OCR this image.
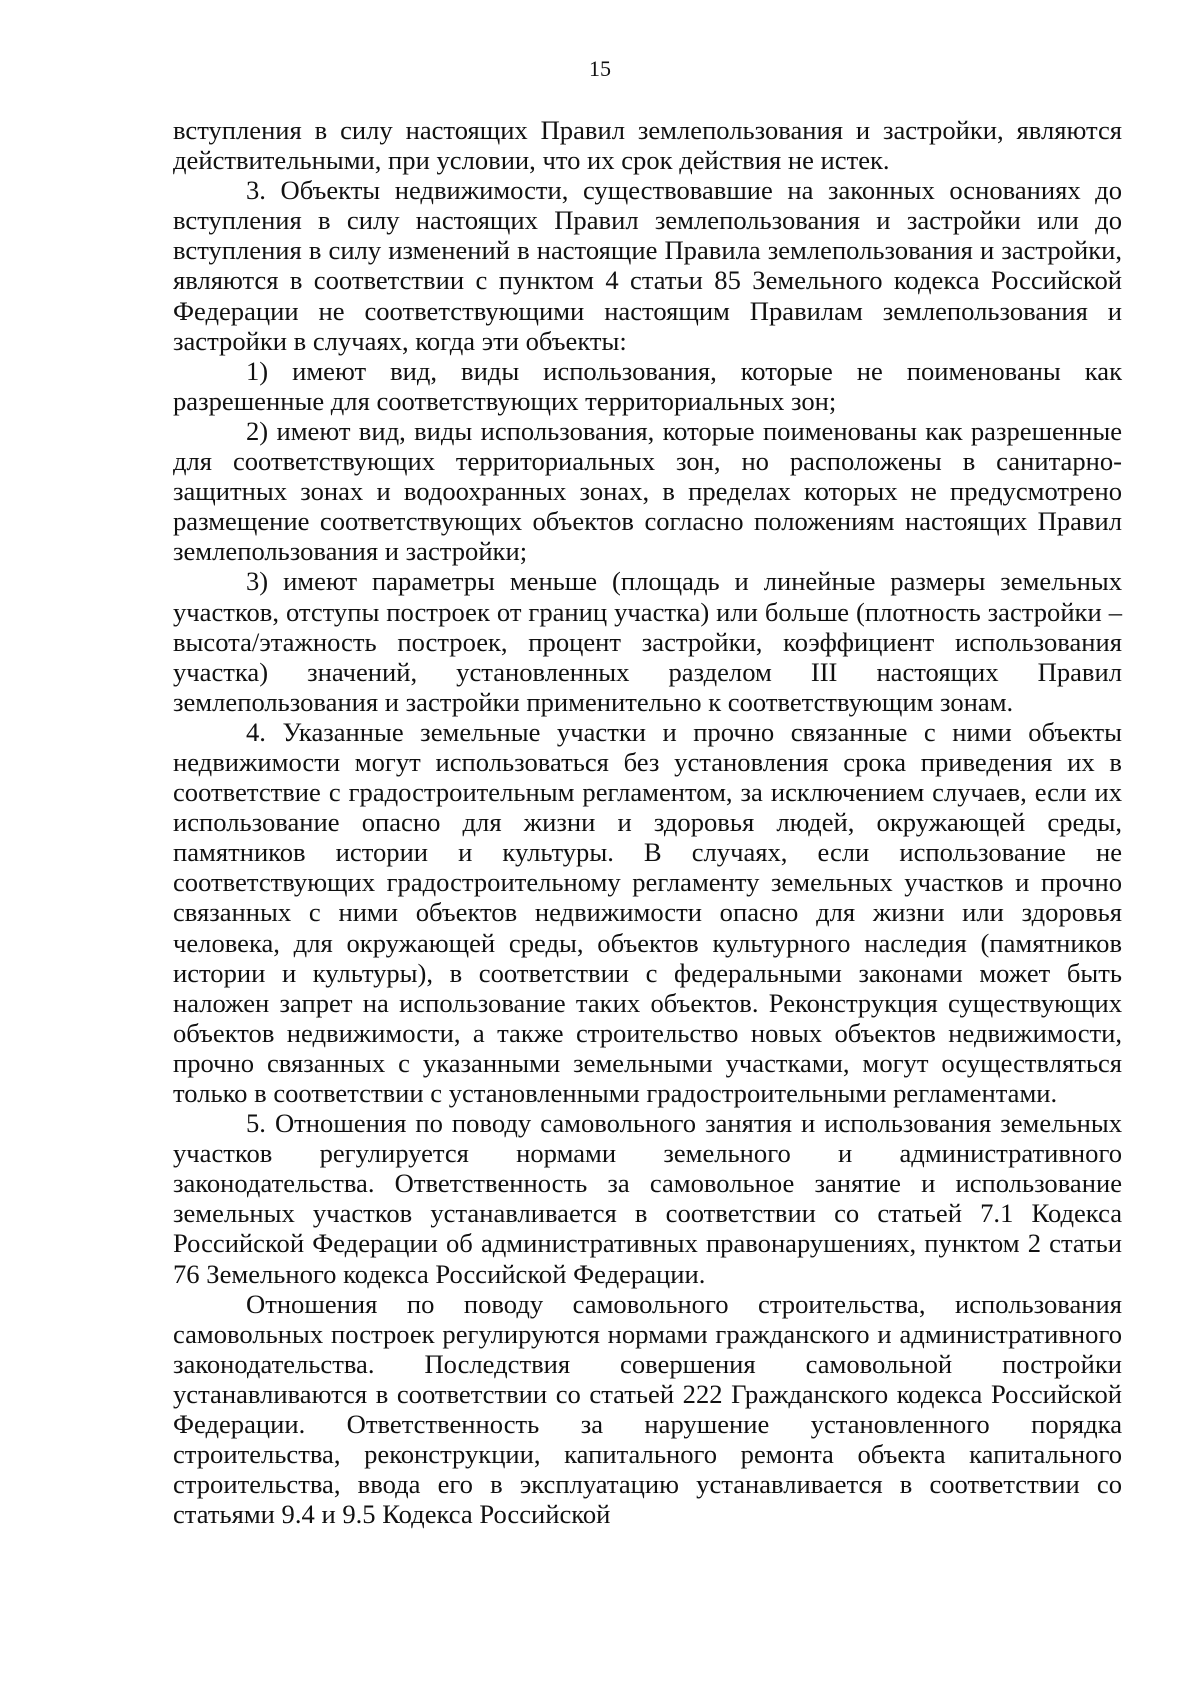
15

вступления в силу настоящих Правил землепользования и застройки, являются действительными, при условии, что их срок действия не истек.

3. Объекты недвижимости, существовавшие на законных основаниях до вступления в силу настоящих Правил землепользования и застройки или до вступления в силу изменений в настоящие Правила землепользования и застройки, являются в соответствии с пунктом 4 статьи 85 Земельного кодекса Российской Федерации не соответствующими настоящим Правилам землепользования и застройки в случаях, когда эти объекты:

1) имеют вид, виды использования, которые не поименованы как разрешенные для соответствующих территориальных зон;

2) имеют вид, виды использования, которые поименованы как разрешенные для соответствующих территориальных зон, но расположены в санитарно-защитных зонах и водоохранных зонах, в пределах которых не предусмотрено размещение соответствующих объектов согласно положениям настоящих Правил землепользования и застройки;

3) имеют параметры меньше (площадь и линейные размеры земельных участков, отступы построек от границ участка) или больше (плотность застройки – высота/этажность построек, процент застройки, коэффициент использования участка) значений, установленных разделом III настоящих Правил землепользования и застройки применительно к соответствующим зонам.

4. Указанные земельные участки и прочно связанные с ними объекты недвижимости могут использоваться без установления срока приведения их в соответствие с градостроительным регламентом, за исключением случаев, если их использование опасно для жизни и здоровья людей, окружающей среды, памятников истории и культуры. В случаях, если использование не соответствующих градостроительному регламенту земельных участков и прочно связанных с ними объектов недвижимости опасно для жизни или здоровья человека, для окружающей среды, объектов культурного наследия (памятников истории и культуры), в соответствии с федеральными законами может быть наложен запрет на использование таких объектов. Реконструкция существующих объектов недвижимости, а также строительство новых объектов недвижимости, прочно связанных с указанными земельными участками, могут осуществляться только в соответствии с установленными градостроительными регламентами.

5. Отношения по поводу самовольного занятия и использования земельных участков регулируется нормами земельного и административного законодательства. Ответственность за самовольное занятие и использование земельных участков устанавливается в соответствии со статьей 7.1 Кодекса Российской Федерации об административных правонарушениях, пунктом 2 статьи 76 Земельного кодекса Российской Федерации.

Отношения по поводу самовольного строительства, использования самовольных построек регулируются нормами гражданского и административного законодательства. Последствия совершения самовольной постройки устанавливаются в соответствии со статьей 222 Гражданского кодекса Российской Федерации. Ответственность за нарушение установленного порядка строительства, реконструкции, капитального ремонта объекта капитального строительства, ввода его в эксплуатацию устанавливается в соответствии со статьями 9.4 и 9.5 Кодекса Российской
